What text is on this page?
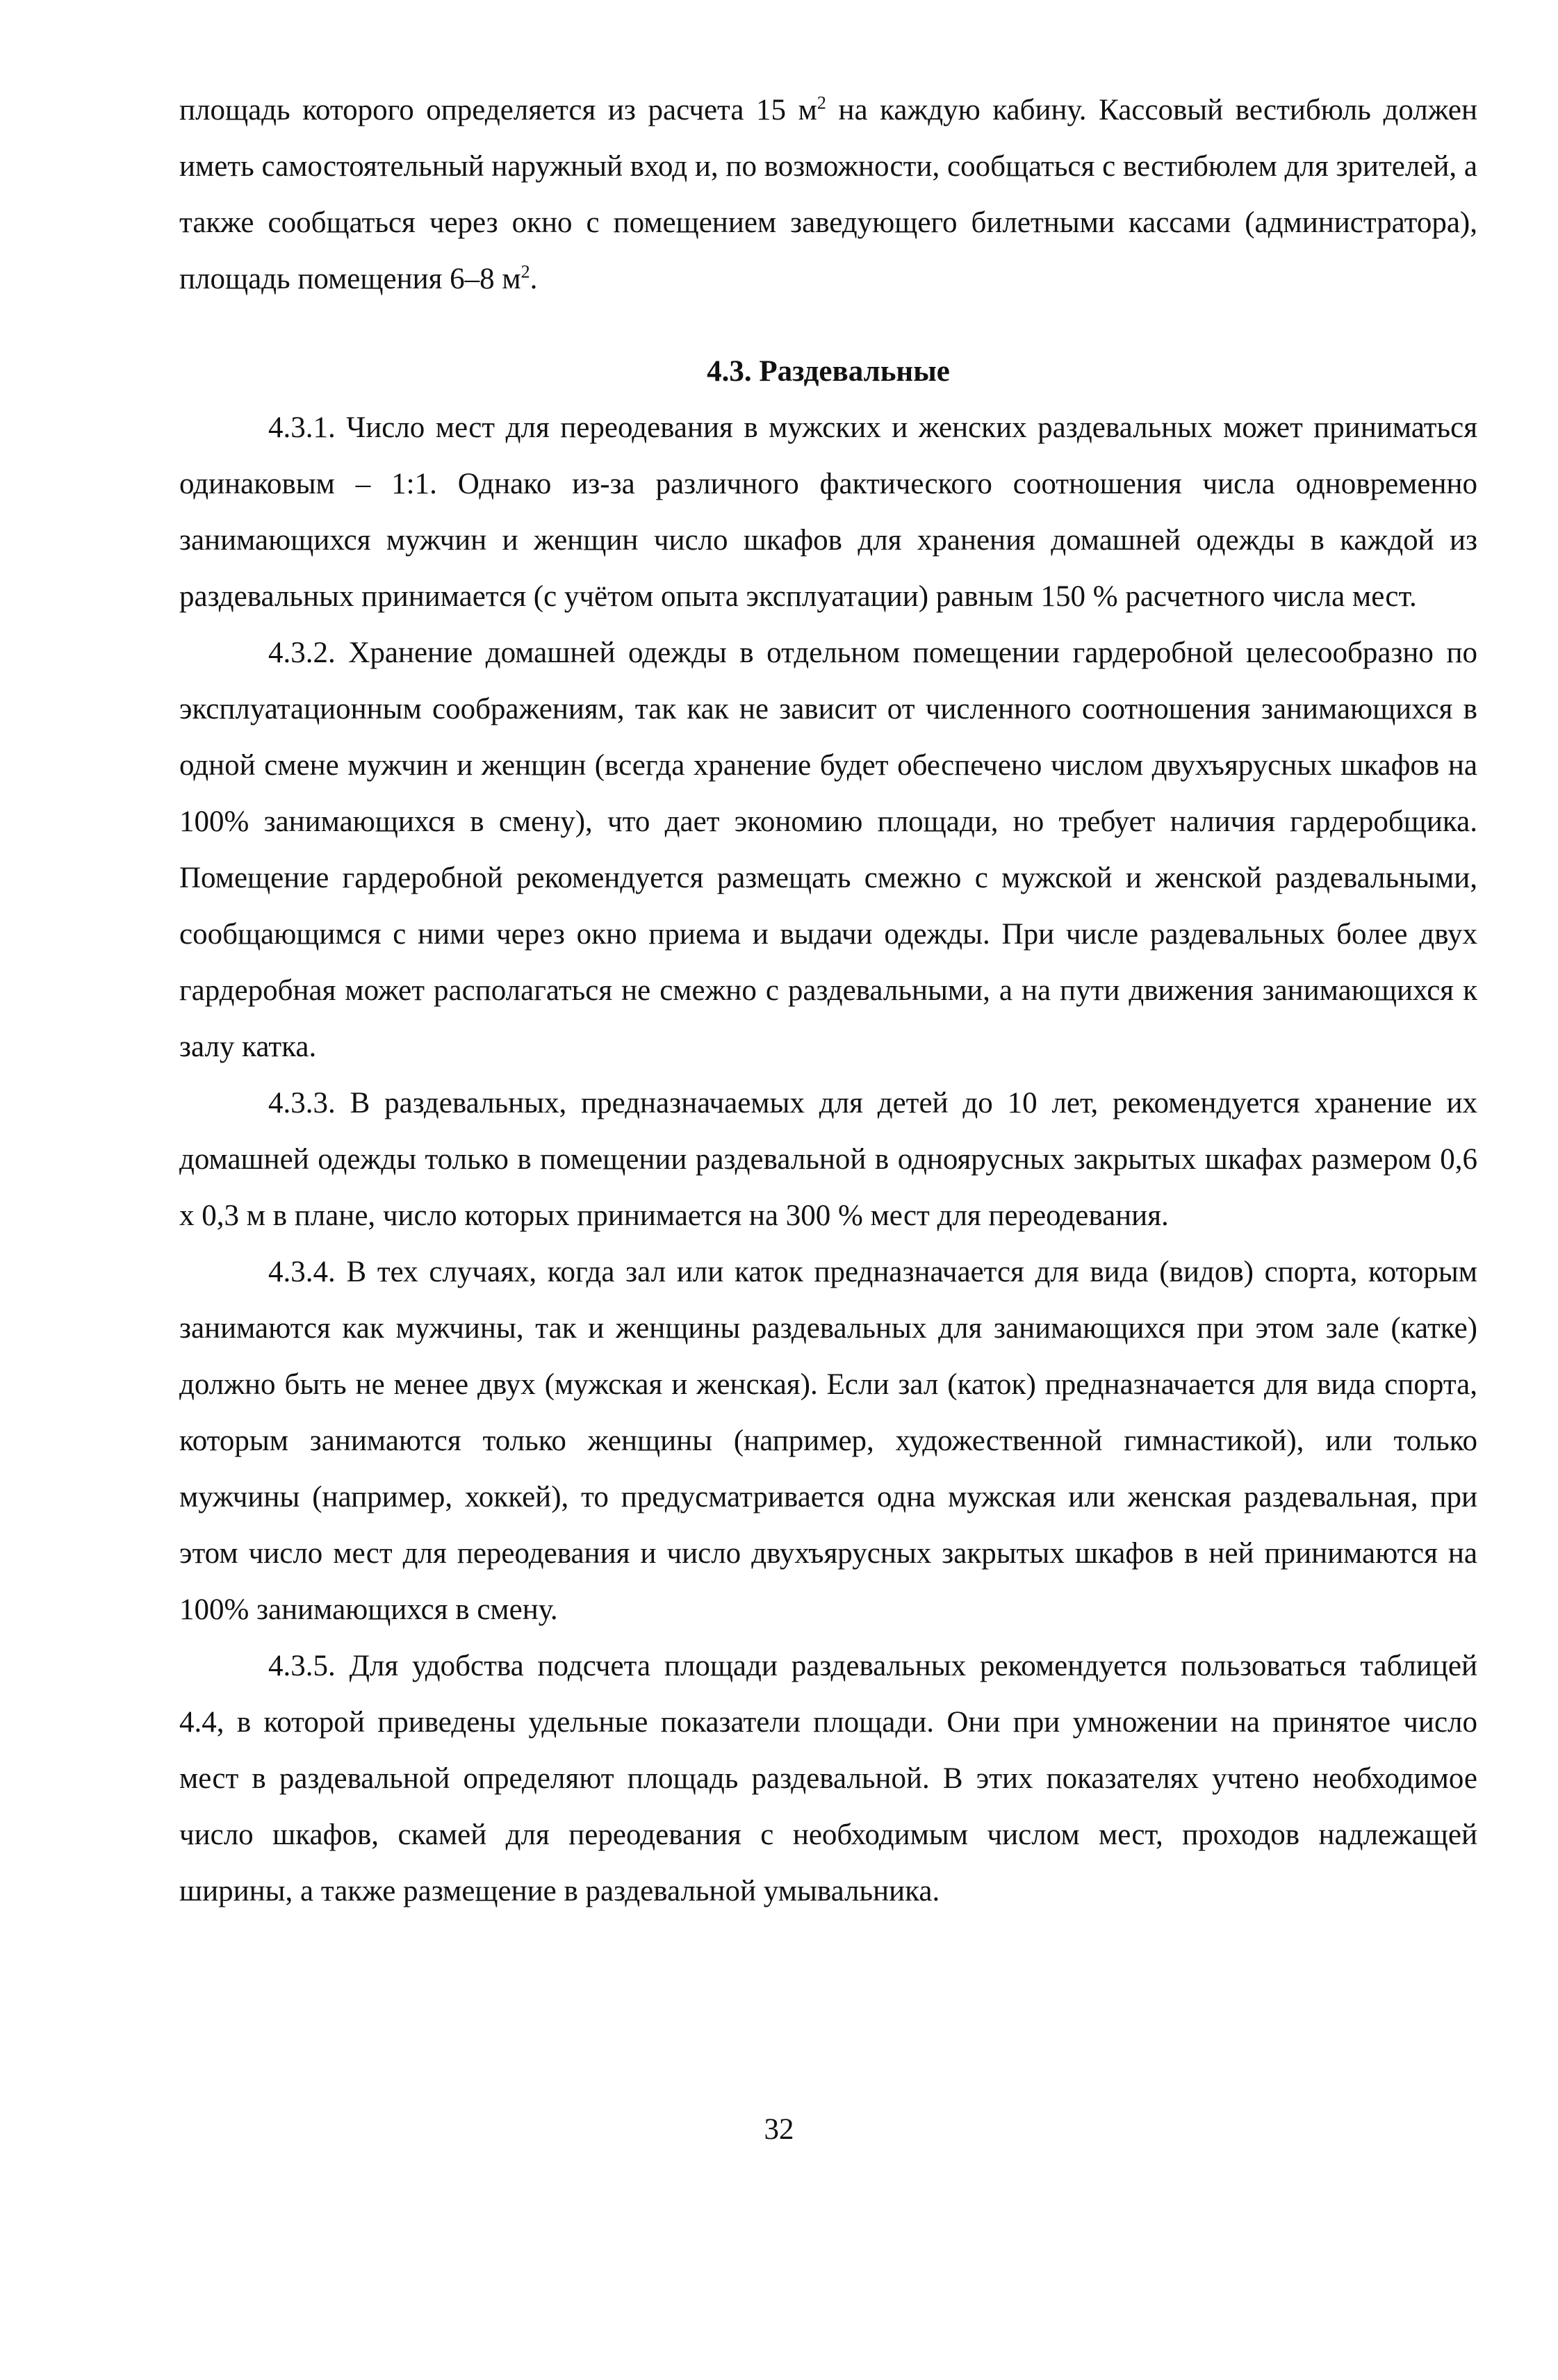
площадь которого определяется из расчета 15 $м^2$ на каждую кабину. Кассовый вестибюль должен иметь самостоятельный наружный вход и, по возможности, сообщаться с вестибюлем для зрителей, а также сообщаться через окно с помещением заведующего билетными кассами (администратора), площадь помещения 6–8 $м^2$.

4.3. Раздевальные

4.3.1. Число мест для переодевания в мужских и женских раздевальных может приниматься одинаковым – 1:1. Однако из-за различного фактического соотношения числа одновременно занимающихся мужчин и женщин число шкафов для хранения домашней одежды в каждой из раздевальных принимается (с учётом опыта эксплуатации) равным 150 % расчетного числа мест.

4.3.2. Хранение домашней одежды в отдельном помещении гардеробной целесообразно по эксплуатационным соображениям, так как не зависит от численного соотношения занимающихся в одной смене мужчин и женщин (всегда хранение будет обеспечено числом двухъярусных шкафов на 100% занимающихся в смену), что дает экономию площади, но требует наличия гардеробщика. Помещение гардеробной рекомендуется размещать смежно с мужской и женской раздевальными, сообщающимся с ними через окно приема и выдачи одежды. При числе раздевальных более двух гардеробная может располагаться не смежно с раздевальными, а на пути движения занимающихся к залу катка.

4.3.3. В раздевальных, предназначаемых для детей до 10 лет, рекомендуется хранение их домашней одежды только в помещении раздевальной в одноярусных закрытых шкафах размером 0,6 х 0,3 м в плане, число которых принимается на 300 % мест для переодевания.

4.3.4. В тех случаях, когда зал или каток предназначается для вида (видов) спорта, которым занимаются как мужчины, так и женщины раздевальных для занимающихся при этом зале (катке) должно быть не менее двух (мужская и женская). Если зал (каток) предназначается для вида спорта, которым занимаются только женщины (например, художественной гимнастикой), или только мужчины (например, хоккей), то предусматривается одна мужская или женская раздевальная, при этом число мест для переодевания и число двухъярусных закрытых шкафов в ней принимаются на 100% занимающихся в смену.

4.3.5. Для удобства подсчета площади раздевальных рекомендуется пользоваться таблицей 4.4, в которой приведены удельные показатели площади. Они при умножении на принятое число мест в раздевальной определяют площадь раздевальной. В этих показателях учтено необходимое число шкафов, скамей для переодевания с необходимым числом мест, проходов надлежащей ширины, а также размещение в раздевальной умывальника.

32
